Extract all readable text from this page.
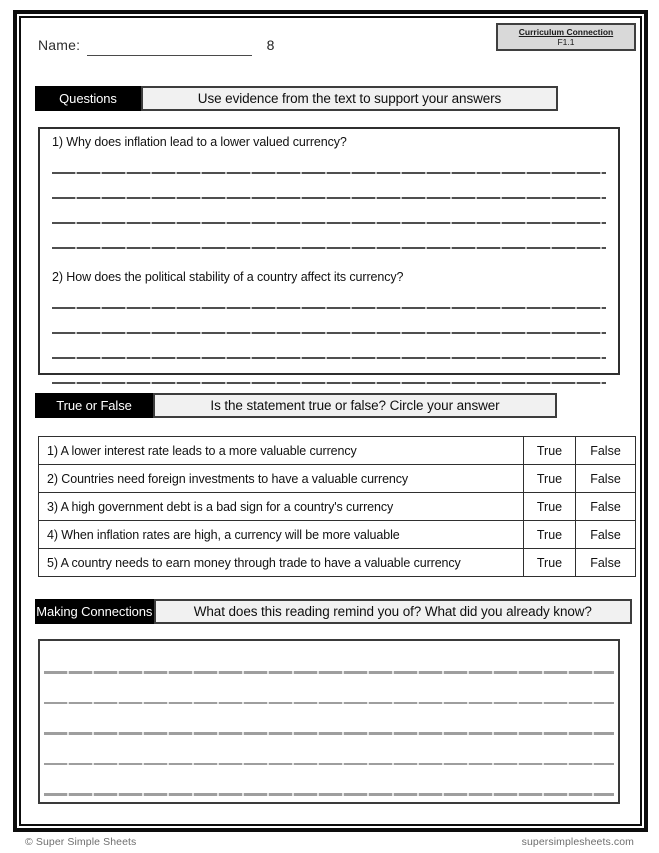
Name:	8
Curriculum Connection
F1.1
Questions	Use evidence from the text to support your answers
1) Why does inflation lead to a lower valued currency?
2) How does the political stability of a country affect its currency?
True or False	Is the statement true or false? Circle your answer
1) A lower interest rate leads to a more valuable currency	True	False
2) Countries need foreign investments to have a valuable currency	True	False
3) A high government debt is a bad sign for a country's currency	True	False
4) When inflation rates are high, a currency will be more valuable	True	False
5) A country needs to earn money through trade to have a valuable currency	True	False
Making Connections	What does this reading remind you of? What did you already know?
© Super Simple Sheets	supersimplesheets.com
